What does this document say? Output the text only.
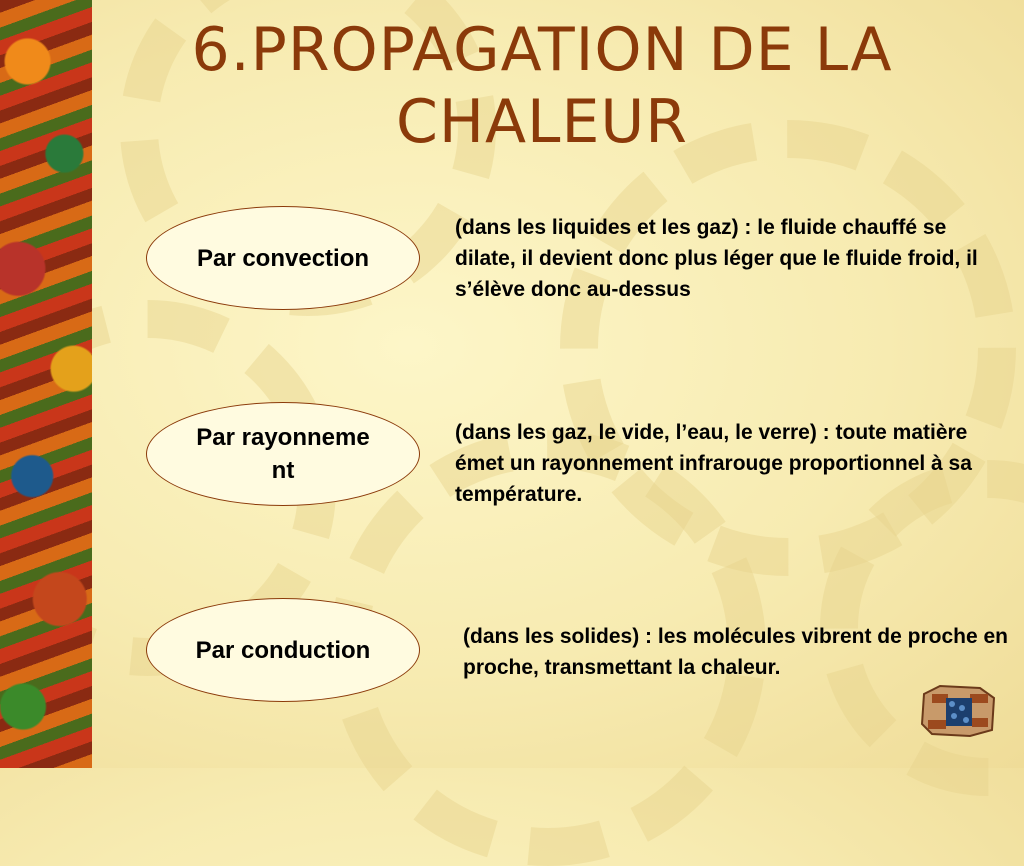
6.PROPAGATION DE LA CHALEUR
Par convection

(dans les liquides et les gaz) : le fluide chauffé se dilate, il devient donc plus léger que le fluide froid, il s’élève donc au-dessus

Par rayonnement

(dans les gaz, le vide, l’eau, le verre) : toute matière émet un rayonnement infrarouge proportionnel à sa température.

Par conduction	(dans les solides) : les molécules vibrent de proche en proche, transmettant la chaleur.
